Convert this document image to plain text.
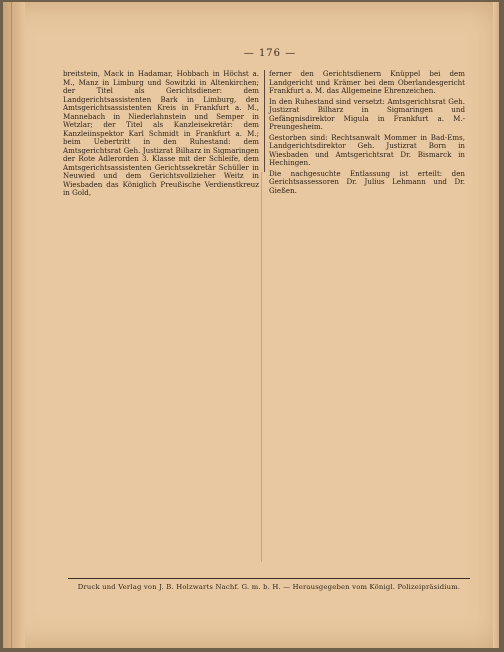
— 176 —

breitstein, Mack in Hadamar, Hobbach in Höchst a. M., Manz in Limburg und Sowitzki in Altenkirchen; der Titel als Gerichtsdiener: dem Landgerichtsassistenten Bark in Limburg, den Amtsgerichtsassistenten Kreis in Frankfurt a. M., Mannebach in Niederlahnstein und Semper in Wetzlar; der Titel als Kanzleisekretär: dem Kanzleiinspektor Karl Schmidt in Frankfurt a. M.; beim Uebertritt in den Ruhestand: dem Amtsgerichtsrat Geh. Justizrat Bilharz in Sigmaringen der Rote Adlerorden 3. Klasse mit der Schleife, dem Amtsgerichtsassistenten Gerichtssekretär Schüller in Neuwied und dem Gerichtsvollzieher Weitz in Wiesbaden das Königlich Preußische Verdienstkreuz in Gold,

ferner den Gerichtsdienern Knüppel bei dem Landgericht und Krämer bei dem Oberlandesgericht Frankfurt a. M. das Allgemeine Ehrenzeichen.

In den Ruhestand sind versetzt: Amtsgerichtsrat Geh. Justizrat Bilharz in Sigmaringen und Gefängnisdirektor Migula in Frankfurt a. M.-Preungesheim.

Gestorben sind: Rechtsanwalt Mommer in Bad-Ems, Landgerichtsdirektor Geh. Justizrat Born in Wiesbaden und Amtsgerichtsrat Dr. Bismarck in Hechingen.

Die nachgesuchte Entlassung ist erteilt: den Gerichtsassessoren Dr. Julius Lehmann und Dr. Gießen.

Druck und Verlag von J. B. Holzwarts Nachf. G. m. b. H. — Herausgegeben vom Königl. Polizeipräsidium.
